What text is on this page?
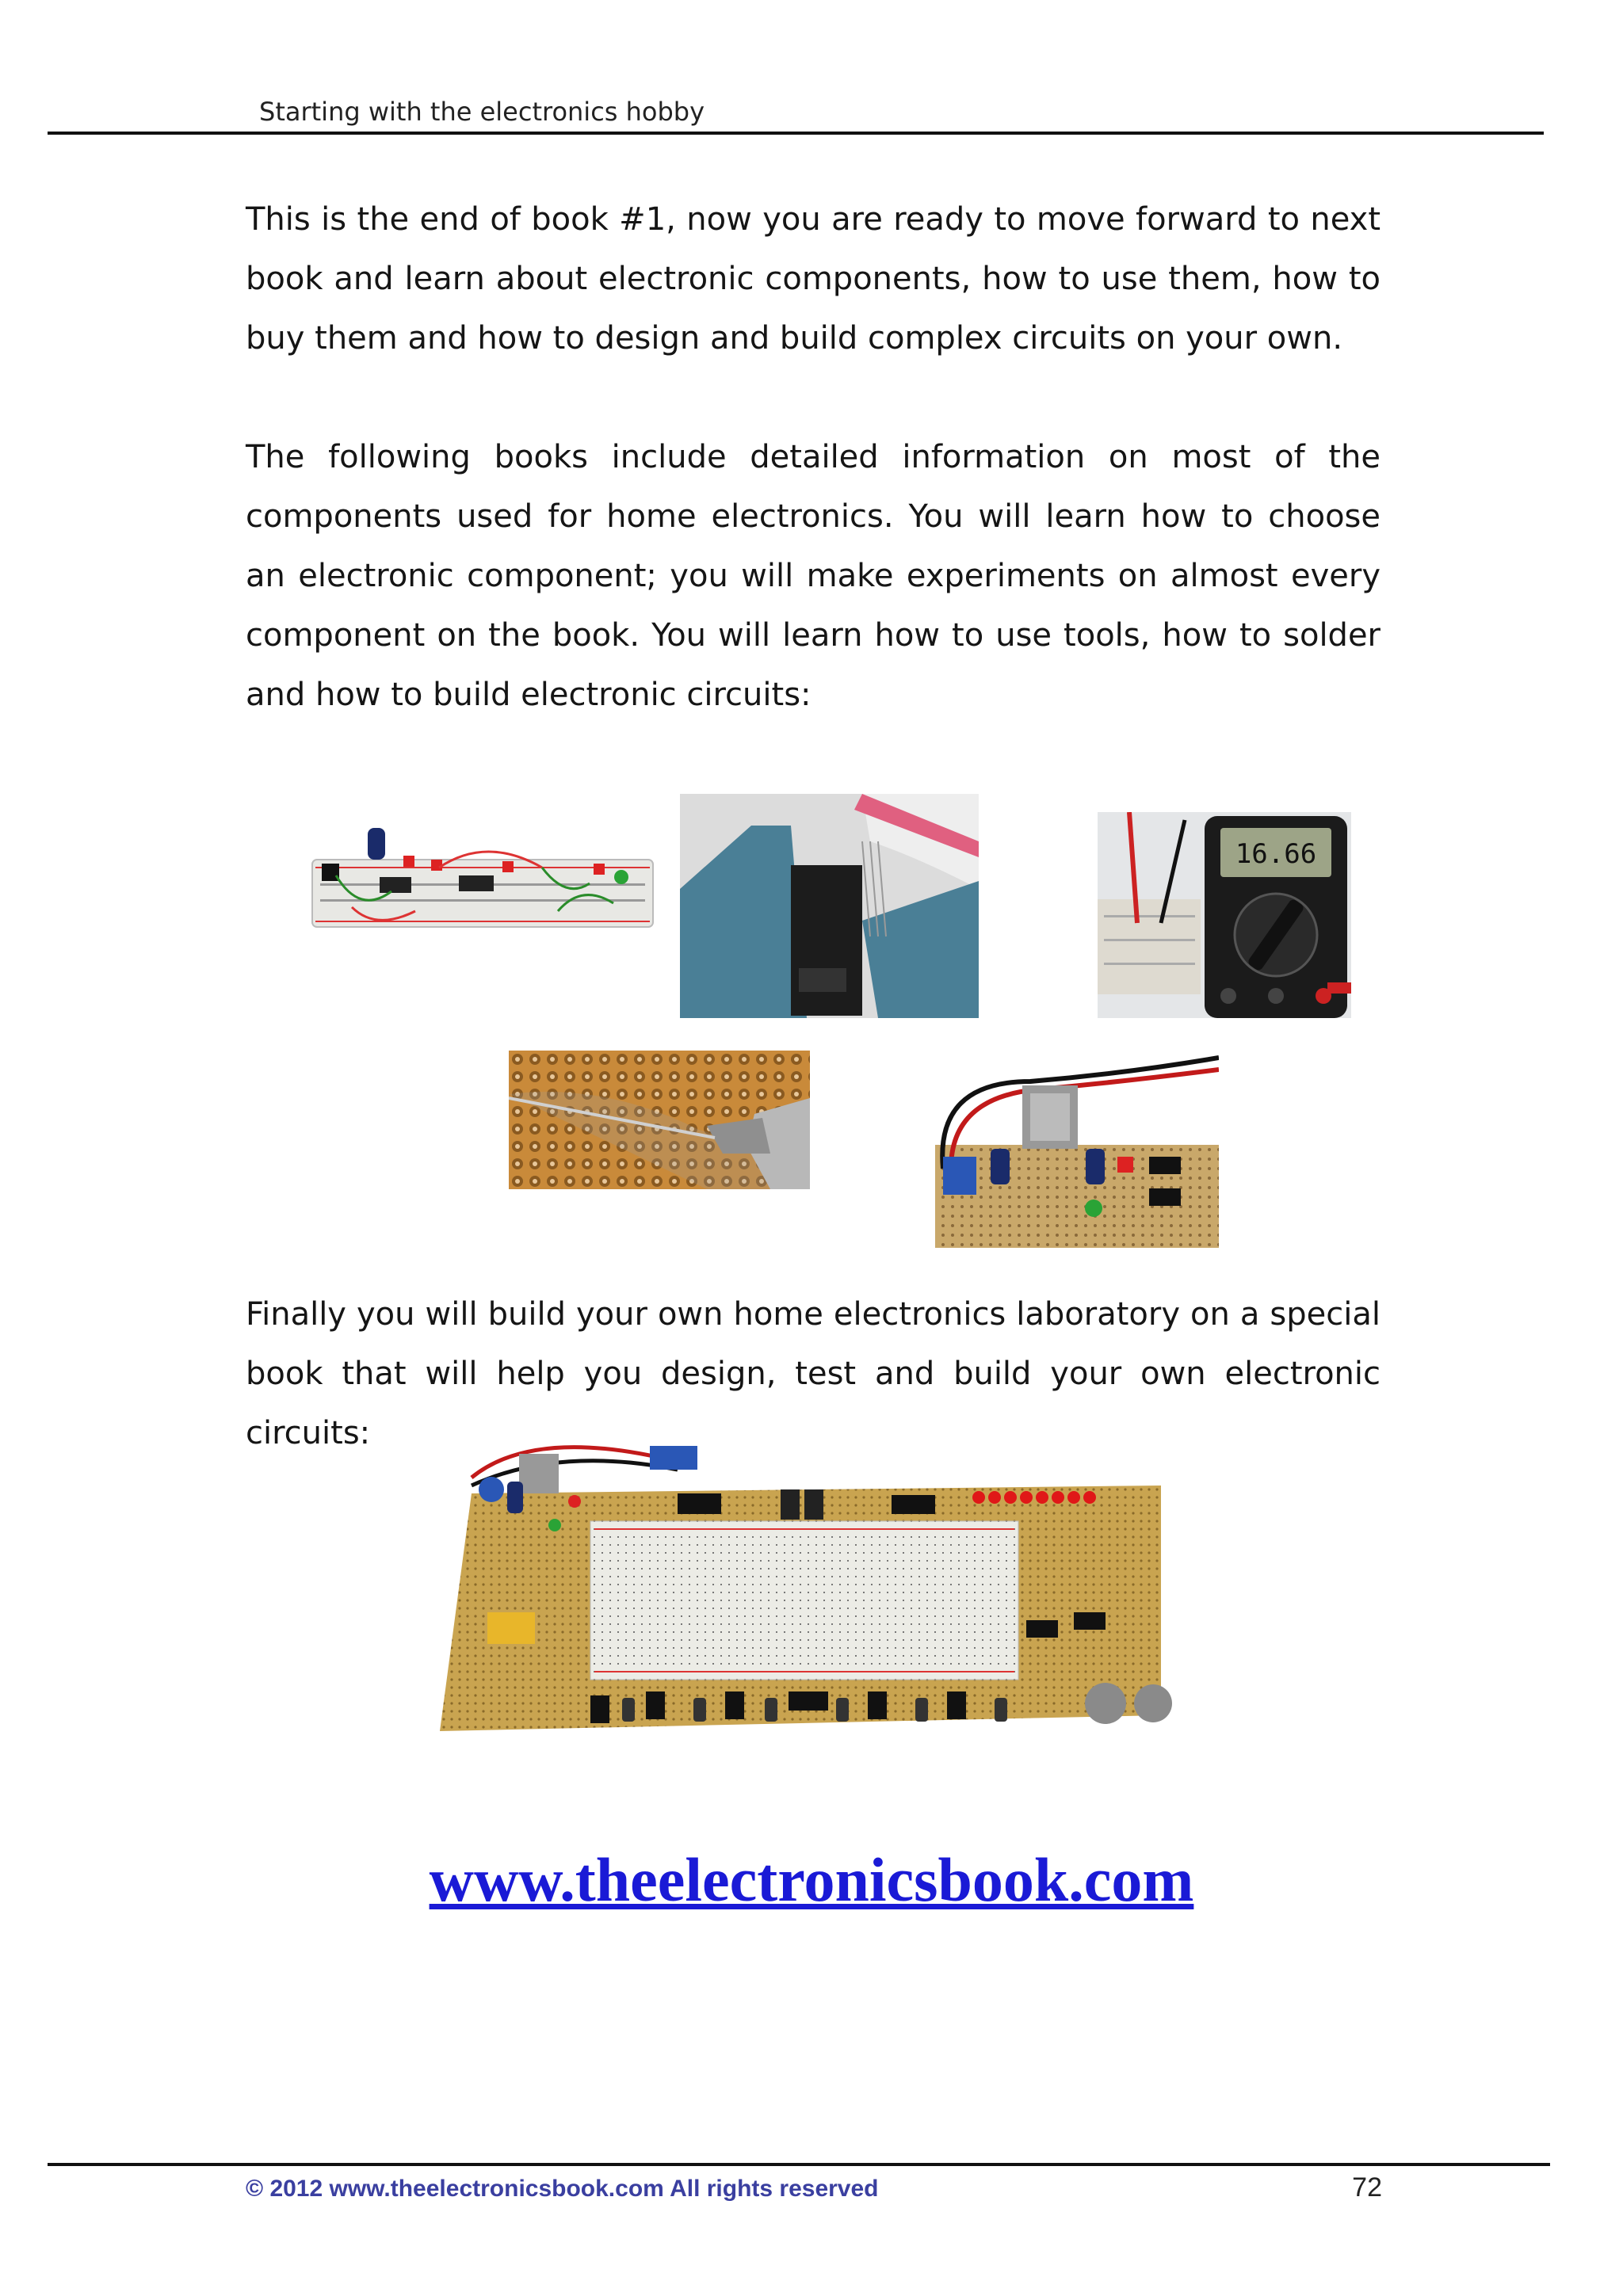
Starting with the electronics hobby

This is the end of book #1, now you are ready to move forward to next book and learn about electronic components, how to use them, how to buy them and how to design and build complex circuits on your own.

The following books include detailed information on most of the components used for home electronics. You will learn how to choose an electronic component; you will make experiments on almost every component on the book. You will learn how to use tools, how to solder and how to build electronic circuits:

16.66

Finally you will build your own home electronics laboratory on a special book that will help you design, test and build your own electronic circuits:

www.theelectronicsbook.com
© 2012 www.theelectronicsbook.com All rights reserved	72
